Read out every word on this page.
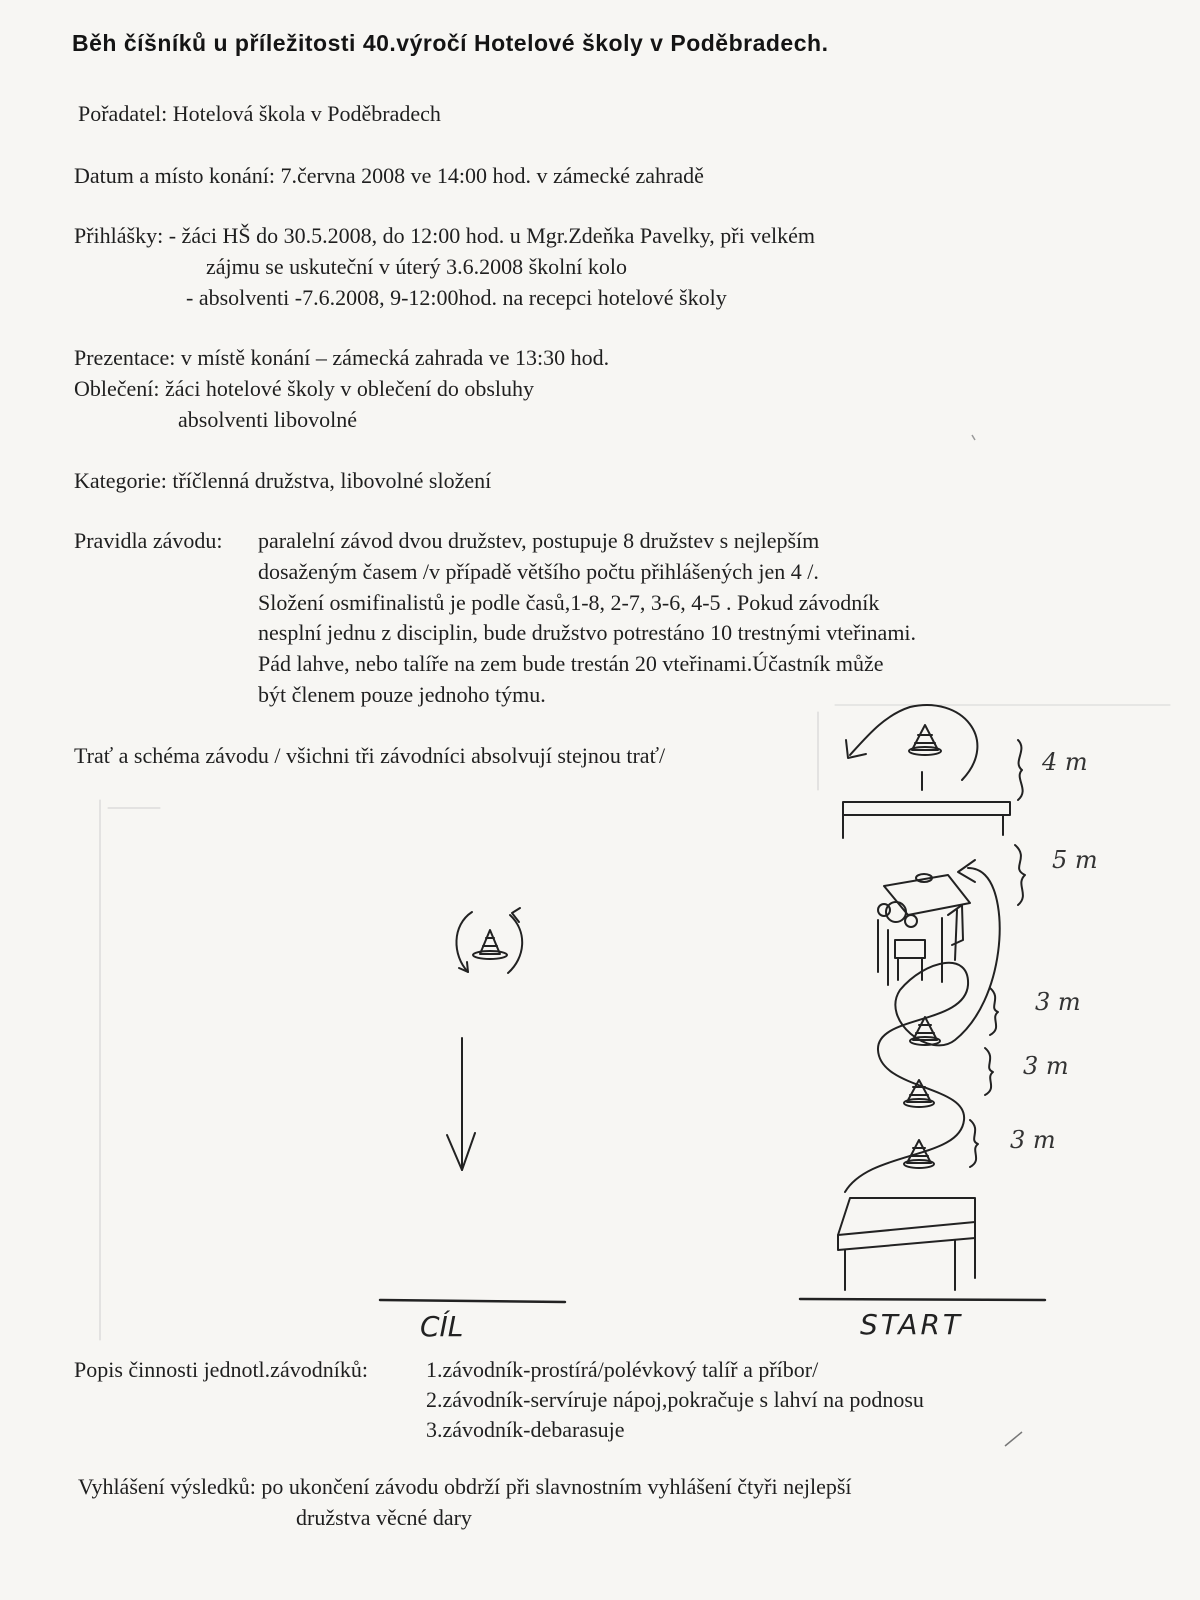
Běh číšníků u příležitosti 40.výročí Hotelové školy v Poděbradech.
Pořadatel: Hotelová škola v Poděbradech
Datum a místo konání: 7.června 2008 ve 14:00 hod. v zámecké zahradě
Přihlášky: - žáci HŠ do 30.5.2008, do 12:00 hod. u Mgr.Zdeňka Pavelky, při velkém
zájmu se uskuteční v úterý 3.6.2008 školní kolo
- absolventi -7.6.2008, 9-12:00hod. na recepci hotelové školy
Prezentace: v místě konání – zámecká zahrada ve 13:30 hod.
Oblečení: žáci hotelové školy v oblečení do obsluhy
absolventi libovolné
Kategorie: tříčlenná družstva, libovolné složení
Pravidla závodu: paralelní závod dvou družstev, postupuje 8 družstev s nejlepším
dosaženým časem /v případě většího počtu přihlášených jen 4 /.
Složení osmifinalistů je podle časů,1-8, 2-7, 3-6, 4-5 . Pokud závodník
nesplní jednu z disciplin, bude družstvo potrestáno 10 trestnými vteřinami.
Pád lahve, nebo talíře na zem bude trestán 20 vteřinami.Účastník může
být členem pouze jednoho týmu.
Trať a schéma závodu / všichni tři závodníci absolvují stejnou trať/
CÍL	START
4 m
5 m
3 m
3 m
3 m
Popis činnosti jednotl.závodníků:	1.závodník-prostírá/polévkový talíř a příbor/
2.závodník-servíruje nápoj,pokračuje s lahví na podnosu
3.závodník-debarasuje
Vyhlášení výsledků: po ukončení závodu obdrží při slavnostním vyhlášení čtyři nejlepší
družstva věcné dary
